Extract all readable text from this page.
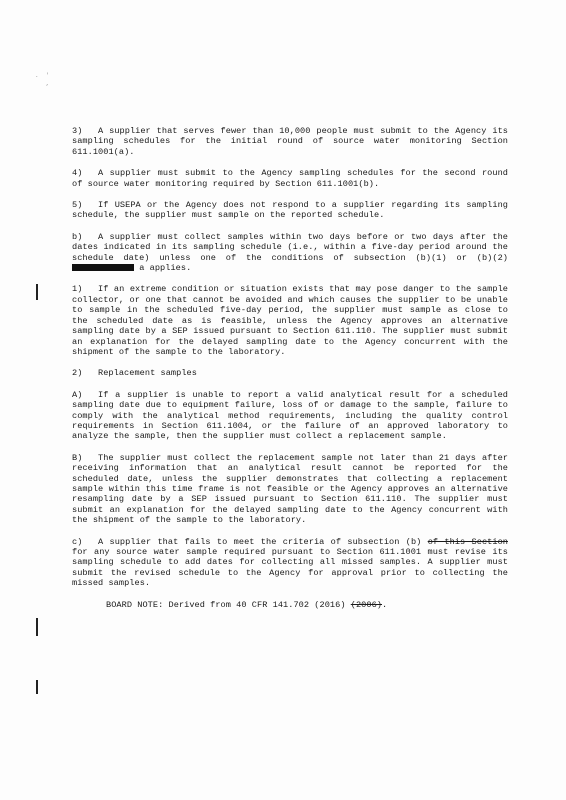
.  '
,

3) A supplier that serves fewer than 10,000 people must submit to the Agency its sampling schedules for the initial round of source water monitoring Section 611.1001(a).

4) A supplier must submit to the Agency sampling schedules for the second round of source water monitoring required by Section 611.1001(b).

5) If USEPA or the Agency does not respond to a supplier regarding its sampling schedule, the supplier must sample on the reported schedule.

b) A supplier must collect samples within two days before or two days after the dates indicated in its sampling schedule (i.e., within a five-day period around the schedule date) unless one of the conditions of subsection (b)(1) or (b)(2)  a applies.

1) If an extreme condition or situation exists that may pose danger to the sample collector, or one that cannot be avoided and which causes the supplier to be unable to sample in the scheduled five-day period, the supplier must sample as close to the scheduled date as is feasible, unless the Agency approves an alternative sampling date by a SEP issued pursuant to Section 611.110. The supplier must submit an explanation for the delayed sampling date to the Agency concurrent with the shipment of the sample to the laboratory.

2) Replacement samples

A) If a supplier is unable to report a valid analytical result for a scheduled sampling date due to equipment failure, loss of or damage to the sample, failure to comply with the analytical method requirements, including the quality control requirements in Section 611.1004, or the failure of an approved laboratory to analyze the sample, then the supplier must collect a replacement sample.

B) The supplier must collect the replacement sample not later than 21 days after receiving information that an analytical result cannot be reported for the scheduled date, unless the supplier demonstrates that collecting a replacement sample within this time frame is not feasible or the Agency approves an alternative resampling date by a SEP issued pursuant to Section 611.110. The supplier must submit an explanation for the delayed sampling date to the Agency concurrent with the shipment of the sample to the laboratory.

c) A supplier that fails to meet the criteria of subsection (b) of this Section for any source water sample required pursuant to Section 611.1001 must revise its sampling schedule to add dates for collecting all missed samples. A supplier must submit the revised schedule to the Agency for approval prior to collecting the missed samples.

BOARD NOTE: Derived from 40 CFR 141.702 (2016) (2006).
